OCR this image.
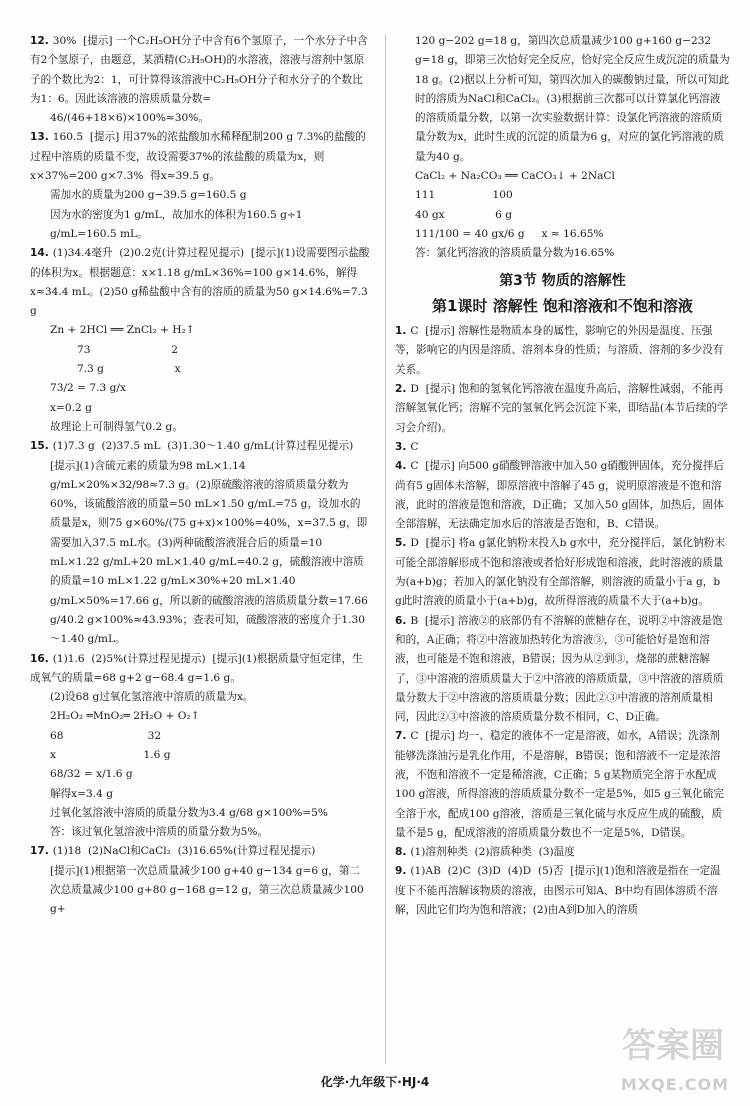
12. 30%  [提示] 一个C₂H₅OH分子中含有6个氢原子，一个水分子中含有2个氢原子，由题意，某酒精(C₂H₅OH)的水溶液，溶液与溶剂中氢原子的个数比为2：1，可计算得该溶液中C₂H₅OH分子和水分子的个数比为1：6。因此该溶液的溶质质量分数=

46/(46+18×6)×100%≈30%。

13. 160.5  [提示] 用37%的浓盐酸加水稀释配制200 g 7.3%的盐酸的过程中溶质的质量不变，故设需要37%的浓盐酸的质量为x，则x×37%=200 g×7.3%  得x≈39.5 g。

需加水的质量为200 g−39.5 g=160.5 g

因为水的密度为1 g/mL，故加水的体积为160.5 g÷1 g/mL=160.5 mL。

14. (1)34.4毫升  (2)0.2克(计算过程见提示)  [提示](1)设需要图示盐酸的体积为x。根据题意：x×1.18 g/mL×36%=100 g×14.6%，解得x≈34.4 mL。(2)50 g稀盐酸中含有的溶质的质量为50 g×14.6%=7.3 g

Zn + 2HCl ══ ZnCl₂ + H₂↑

73                        2

7.3 g                     x

73/2 = 7.3 g/x

x=0.2 g

故理论上可制得氢气0.2 g。

15. (1)7.3 g  (2)37.5 mL  (3)1.30～1.40 g/mL(计算过程见提示)

[提示](1)含硫元素的质量为98 mL×1.14 g/mL×20%×32/98≈7.3 g。(2)原硫酸溶液的溶质质量分数为60%，该硫酸溶液的质量=50 mL×1.50 g/mL=75 g，设加水的质量是x，则75 g×60%/(75 g+x)×100%=40%，x=37.5 g，即需要加入37.5 mL水。(3)两种硫酸溶液混合后的质量=10 mL×1.22 g/mL+20 mL×1.40 g/mL=40.2 g，硫酸溶液中溶质的质量=10 mL×1.22 g/mL×30%+20 mL×1.40 g/mL×50%=17.66 g，所以新的硫酸溶液的溶质质量分数=17.66 g/40.2 g×100%≈43.93%；查表可知，硫酸溶液的密度介于1.30～1.40 g/mL。

16. (1)1.6  (2)5%(计算过程见提示)  [提示](1)根据质量守恒定律，生成氧气的质量=68 g+2 g−68.4 g=1.6 g。

(2)设68 g过氧化氢溶液中溶质的质量为x。

2H₂O₂ ═MnO₂═ 2H₂O + O₂↑

68                         32

x                          1.6 g

68/32 = x/1.6 g

解得x=3.4 g

过氧化氢溶液中溶质的质量分数为3.4 g/68 g×100%=5%

答：该过氧化氢溶液中溶质的质量分数为5%。

17. (1)18  (2)NaCl和CaCl₂  (3)16.65%(计算过程见提示)

[提示](1)根据第一次总质量减少100 g+40 g−134 g=6 g，第二次总质量减少100 g+80 g−168 g=12 g，第三次总质量减少100 g+

120 g−202 g=18 g，第四次总质量减少100 g+160 g−232 g=18 g，即第三次恰好完全反应，恰好完全反应生成沉淀的质量为18 g。(2)据以上分析可知，第四次加入的碳酸钠过量，所以可知此时的溶质为NaCl和CaCl₂。(3)根据前三次都可以计算氯化钙溶液的溶质质量分数，以第一次实验数据计算：设氯化钙溶液的溶质质量分数为x，此时生成的沉淀的质量为6 g，对应的氯化钙溶液的质量为40 g。

CaCl₂ + Na₂CO₃ ══ CaCO₃↓ + 2NaCl

111                 100

40 gx               6 g

111/100 = 40 gx/6 g     x ≈ 16.65%

答：氯化钙溶液的溶质质量分数为16.65%

第3节 物质的溶解性
第1课时 溶解性 饱和溶液和不饱和溶液

1. C  [提示] 溶解性是物质本身的属性，影响它的外因是温度、压强等，影响它的内因是溶质、溶剂本身的性质；与溶质、溶剂的多少没有关系。

2. D  [提示] 饱和的氢氧化钙溶液在温度升高后，溶解性减弱，不能再溶解氢氧化钙；溶解不完的氢氧化钙会沉淀下来，即结晶(本节后续的学习会介绍)。

3. C

4. C  [提示] 向500 g硝酸钾溶液中加入50 g硝酸钾固体，充分搅拌后尚有5 g固体未溶解，即原溶液中溶解了45 g，说明原溶液是不饱和溶液，此时的溶液是饱和溶液，D正确；又加入50 g固体，加热后，固体全部溶解，无法确定加水后的溶液是否饱和，B、C错误。

5. D  [提示] 将a g氯化钠粉末投入b g水中，充分搅拌后，氯化钠粉末可能全部溶解形成不饱和溶液或者恰好形成饱和溶液，此时溶液的质量为(a+b)g；若加入的氯化钠没有全部溶解，则溶液的质量小于a g，b g此时溶液的质量小于(a+b)g，故所得溶液的质量不大于(a+b)g。

6. B  [提示] 溶液②的底部仍有不溶解的蔗糖存在，说明②中溶液是饱和的，A正确；将②中溶液加热转化为溶液③，③可能恰好是饱和溶液，也可能是不饱和溶液，B错误；因为从②到③，烧部的蔗糖溶解了，③中溶液的溶质质量大于②中溶液的溶质质量，③中溶液的溶质质量分数大于②中溶液的溶质质量分数；因此②③中溶液的溶剂质量相同，因此②③中溶液的溶质质量分数不相同，C、D正确。

7. C  [提示] 均一、稳定的液体不一定是溶液，如水，A错误；洗涤剂能够洗涤油污是乳化作用，不是溶解，B错误；饱和溶液不一定是浓溶液，不饱和溶液不一定是稀溶液，C正确；5 g某物质完全溶于水配成100 g溶液，所得溶液的溶质质量分数不一定是5%，如5 g三氧化硫完全溶于水，配成100 g溶液，溶质是三氧化硫与水反应生成的硫酸，质量不是5 g，配成溶液的溶质质量分数也不一定是5%，D错误。

8. (1)溶剂种类  (2)溶质种类  (3)温度

9. (1)AB  (2)C  (3)D  (4)D  (5)否  [提示](1)饱和溶液是指在一定温度下不能再溶解该物质的溶液，由图示可知A、B中均有固体溶质不溶解，因此它们均为饱和溶液；(2)由A到D加入的溶质

化学·九年级下·HJ·4
答案圈
MXQE.COM
